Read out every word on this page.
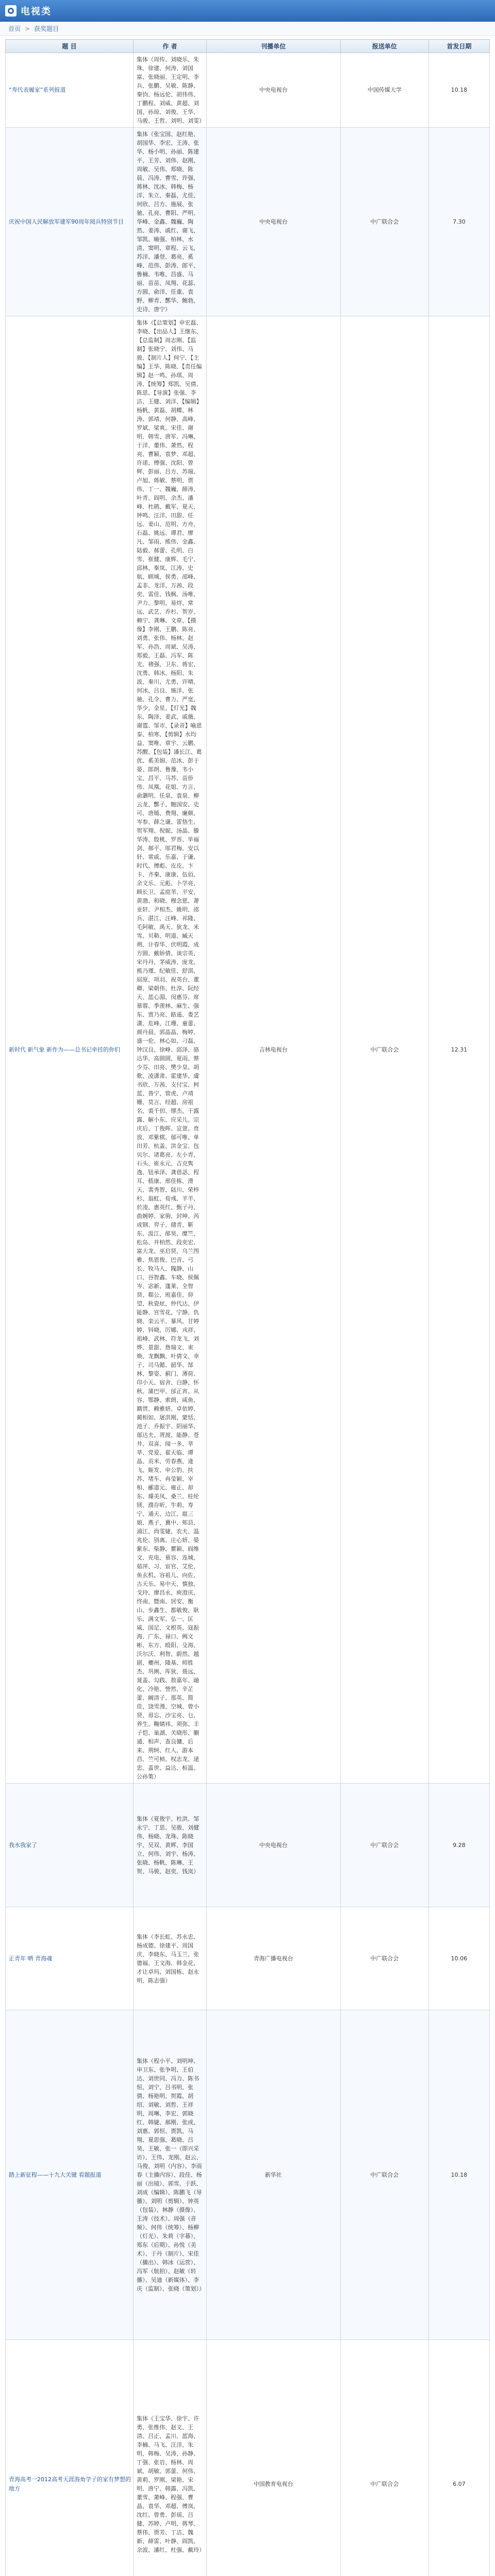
电视类
首页 > 获奖题目
题 目	作 者	刊播单位	报送单位	首发日期
“寿代表履家”系列报道	集体（周传、刘晓乐、朱珠、徐建、何涛、刘国富、张晓丽、王定明、李兵、张鹏、吴敏、陈静、秦钧、杨远伦、胡伟伟、丁鹏程、刘威、黄超、刘国、孙琼、刘俊、王华、马骏、王哲、刘明、刘雯）	中央电视台	中国传媒大学	10.18
庆祝中国人民解放军建军90周年阅兵特别节目	集体（张宝国、赵红艳、胡国华、李宏、王涛、张华、杨小明、孙丽、陈建平、王芳、刘伟、赵刚、周敏、吴伟、郑晓、陈晨、冯涛、曹雪、许强、蒋林、沈冰、韩梅、杨洋、朱立、秦磊、尤佳、何欣、吕方、施展、张驰、孔亮、曹阳、严明、华峰、金鑫、魏巍、陶然、姜涛、戚红、谢飞、邹凯、喻强、柏林、水清、窦明、章程、云飞、苏洋、潘登、葛亮、奚峰、范伟、彭涛、郎平、鲁楠、韦唯、昌盛、马丽、苗苗、凤翔、花蕊、方圆、俞洋、任重、袁野、柳青、酆华、鲍勃、史诗、唐宁）	中央电视台	中广联合会	7.30
新时代 新气象 新作为——总书记牵挂的你们	集体（【总策划】申宏磊、李晓、【出品人】王继东、【总监制】周志刚、【监制】张晓宁、刘伟、马骏、【制片人】何宁、【主编】王华、陈晓、【责任编辑】赵一鸣、孙琪、周涛、【统筹】郑凯、吴倩、陈思、【导演】张强、李洁、王健、刘洋、【编辑】杨帆、黄磊、胡蝶、林涛、郭靖、何静、高峰、罗斌、梁爽、宋佳、谢明、韩雪、唐军、冯琳、于洋、董伟、萧然、程亮、曹颖、袁梦、邓超、许诺、傅强、沈阳、曾辉、彭丽、吕方、苏瑞、卢旭、蒋敏、蔡明、贾伟、丁一、魏巍、薛涛、叶青、阎明、余杰、潘峰、杜鹃、戴军、夏天、钟鸣、汪洋、田甜、任远、姜山、范明、方舟、石磊、姚远、谭君、廖凡、邹雨、熊伟、金鑫、陆毅、郝蕾、孔明、白雪、崔健、康辉、毛宁、邱林、秦岚、江涛、史航、顾城、侯勇、邵峰、孟非、龙洋、万茜、段奕、雷佳、钱枫、汤唯、尹力、黎明、易烊、常远、武艺、乔杉、贺岁、赖宁、龚琳、文章、【摄像】李刚、王鹏、陈亮、刘勇、张伟、杨林、赵军、孙浩、周斌、吴涛、郑毅、王磊、冯军、陈光、褚强、卫东、蒋宏、沈勇、韩冰、杨阳、朱波、秦川、尤勇、许晴、何冰、吕良、施洋、张驰、孔令、曹力、严宽、华少、金星、【灯光】魏东、陶泽、姜武、戚薇、谢霆、邹市、【录音】喻恩泰、柏寒、【剪辑】水均益、窦唯、章宇、云鹏、苏醒、【包装】潘长江、葛优、奚美娟、范冰、彭于晏、郎朗、鲁豫、韦小宝、昌平、马苏、苗侨伟、凤凰、花姐、方言、俞灏明、任泉、袁泉、柳云龙、酆子、鲍国安、史可、唐嫣、费翔、廉颇、岑参、薛之谦、雷恪生、贺军翔、倪妮、汤晶、滕华涛、殷桃、罗晋、毕福剑、郝平、邬君梅、安以轩、常戚、乐嘉、于谦、时代、傅彪、皮皮、卞卡、齐秦、康康、伍佰、余文乐、元彪、卜学亮、顾长卫、孟庭苇、平安、黄渤、和晓、穆念慈、萧亚轩、尹相杰、姚明、邵兵、湛江、汪峰、祁隆、毛阿敏、禹天、狄龙、米雪、贝勒、明道、臧天朔、计春华、伏明霞、成方圆、戴娇倩、谈宗英、宋丹丹、茅威涛、庞龙、熊乃瑾、纪敏佳、舒淇、屈原、项羽、祝英台、董卿、梁朝伟、杜淳、阮经天、蓝心湄、闵惠芬、席慕蓉、季羡林、麻生、强东、贾乃亮、路遥、娄艺潇、危峰、江珊、童蕾、颜丹晨、郭晶晶、梅婷、盛一伦、林心如、刁磊、钟汉良、徐峥、邱泽、骆达华、高圆圆、夏雨、蔡少芬、田亮、樊少皇、胡歌、凌潇肃、霍建华、虞书欣、万茜、支付宝、柯蓝、昝宁、管虎、卢靖姗、莫言、经超、房祖名、裘千仞、缪杰、干露露、解小东、应采儿、宗庆后、丁俊晖、宣萱、贲放、邓紫棋、郁可唯、单田芳、杭盖、洪金宝、包贝尔、诸葛亮、左小青、石头、崔永元、吉克隽逸、钮承泽、龚蓓苾、程耳、嵇康、邢佳栋、滑天、裴秀智、陆川、荣梓杉、翁虹、荀彧、羊羊、於凌、惠英红、甄子丹、曲婉婷、家驹、封坤、芮成钢、羿子、储青、靳东、汲江、邴昊、糜竺、松岛、井柏然、段奕宏、富大龙、巫启贤、乌兰图雅、焦恩俊、巴音、弓长、牧马人、隗静、山口、谷智鑫、车晓、侯佩岑、宓新、蓬莱、全智贤、郗公、班嘉佳、仰望、秋瓷炫、仲代达、伊能静、宫雪花、宁静、仇晓、栾云平、暴风、甘婷婷、钭晓、厉娜、戎祥、祖峰、武林、符龙飞、刘烨、景甜、詹瑞文、束焕、龙飘飘、叶倩文、幸子、司马懿、韶华、郜林、黎姿、蓟门、薄荷、印小天、宿舍、白静、怀秋、蒲巴甲、邰正宵、从容、鄂静、索朗、咸鱼、籍贯、赖雅妍、卓依婷、蔺相如、屠洪刚、蒙恬、池子、乔振宇、阴丽华、郁达夫、胥渡、能静、苍井、双喜、闻一多、莘莘、党爱、翟天临、谭晶、贡米、劳春燕、逄飞、姬发、申公豹、扶苏、堵车、冉莹颖、宰相、郦道元、雍正、却东、璩美凤、桑兰、桂纶镁、濮存昕、牛莉、寿宁、通天、边江、扈三娘、燕子、冀中、郏县、浦江、尚雯婕、农夫、温兆伦、别离、庄心妍、晏紫东、柴静、瞿颖、阎维文、充电、慕容、连城、茹萍、习、宦官、艾伦、鱼玄机、容祖儿、向佐、古天乐、易中天、慎独、戈玲、廖昌永、庾澄庆、终南、暨南、居安、衡山、步鑫生、都敏俊、耿乐、满文军、弘一、匡威、国足、文根英、寇振海、广东、禄口、阙文彬、东方、殴阳、殳海、沃尔沃、利智、蔚然、越剧、夔州、隆基、师胜杰、巩俐、厍狄、聂远、晁盖、勾践、敖嘉年、融化、冷艳、訾然、辛芷蕾、阚清子、那英、简佳、饶雪漫、空城、曾小贤、毋忘、沙宝亮、乜、养生、鞠婧祎、须弥、丰子恺、巢湖、关晓彤、蒯通、相声、查良镛、后来、荆轲、红人、游本昌、竺可桢、权志龙、逯忠、盖世、益达、桓温、公孙策）	吉林电视台	中广联合会	12.31
我水我家了	集体（夏俊宇、杜洪、邹永宁、丁思、吴骏、刘健伟、杨晓、龙珠、陈晓宇、吴双、黄辉、李国立、何伟、刘宇、杨涛、张晓、杨帆、陈琳、王贺、马骏、赵奕、钱岚）	中央电视台	中广联合会	9.28
正青年 晒 青海魂	集体（李长虹、苏永忠、杨成德、徐建平、周国庆、李晓东、马玉兰、张德福、王文海、韩金花、才让卓玛、刘国栋、赵永明、陈志强）	青海广播电视台	中广联合会	10.06
踏上新征程——十九大关键 看题报道	集体（程小平、刘明坤、申卫东、张争明、王伯达、刘世同、冯力、陈书恒、刘宁、吕书明、张倩、杨艳明、贺霞、胡绍、刘敏、刘哲、王祥明、周琳、李宏、郭晓红、韩婕、郝刚、张成、刘惠、郭恒、贾凯、马翔、夏思强、葛晓、吕昊、王敏、张一（即兴采访）、王伟、龙刚、赵云、马俊、刘明（内容）、李雨春（主播内容）、段佳、杨丽（出镜）、郭雪、于跃、刘成（编辑）、陈鹏飞（导播）、刘明（剪辑）、钟英（包装）、林静（摄像）、王涛（技术）、周强（音频）、何伟（统筹）、杨柳（灯光）、朱莉（字幕）、郑东（后期）、孙悦（美术）、于丹（制片）、宋佳（播出）、韩冰（运营）、冯军（航拍）、赵敏（转播）、吴迪（新媒体）、李庆（监制）、张晓（策划））	新华社	中广联合会	10.18
青海高考一2012高考天涯海角学子的家有梦想的地方	集体（王宝华、徐宇、许勇、张维伟、赵文、王清、吕正、孟川、蓝海、李楠、马飞、汪洋、朱明、韩梅、吴涛、孙静、丁强、张岩、杨林、周斌、胡敏、郭蕾、何伟、黄莉、罗刚、梁艳、宋明、唐宁、韩露、冯凯、董雪、萧峰、程强、曹晶、袁华、邓超、傅岚、沈红、曾勇、彭瑶、吕健、苏婷、卢明、蒋琴、蔡伟、贾芳、丁洁、魏新、薛雷、叶静、阎凯、余波、潘红、杜强、戴玲）	中国教育电视台	中广联合会	6.07
